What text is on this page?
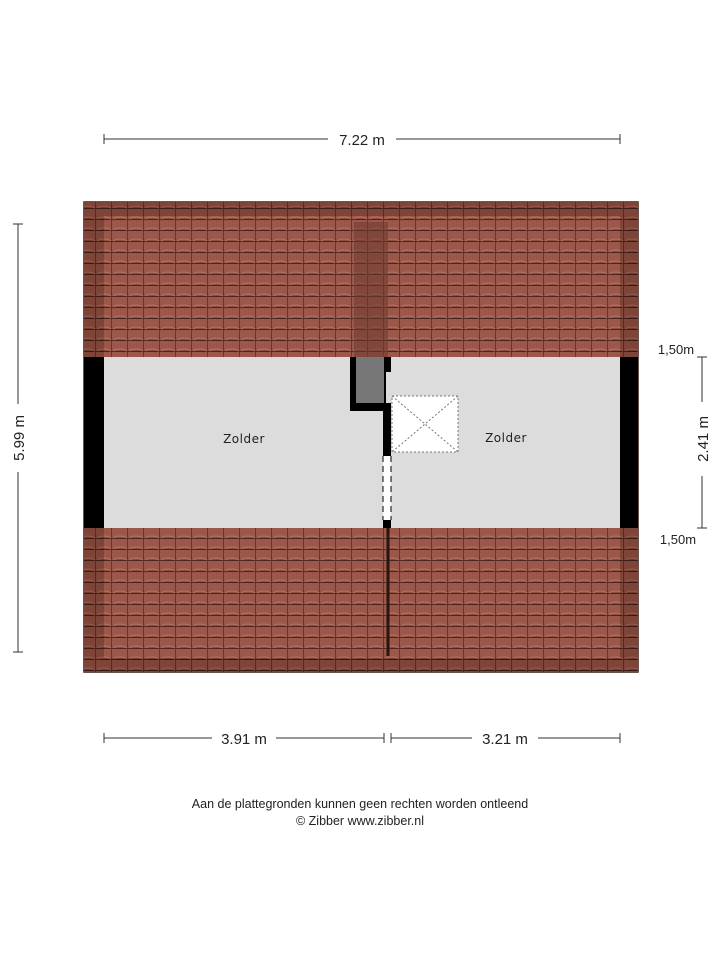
7.22 m
5.99 m	Zolder	Zolder
1,50m
2.41 m
1,50m
3.91 m	3.21 m
Aan de plattegronden kunnen geen rechten worden ontleend
© Zibber www.zibber.nl
